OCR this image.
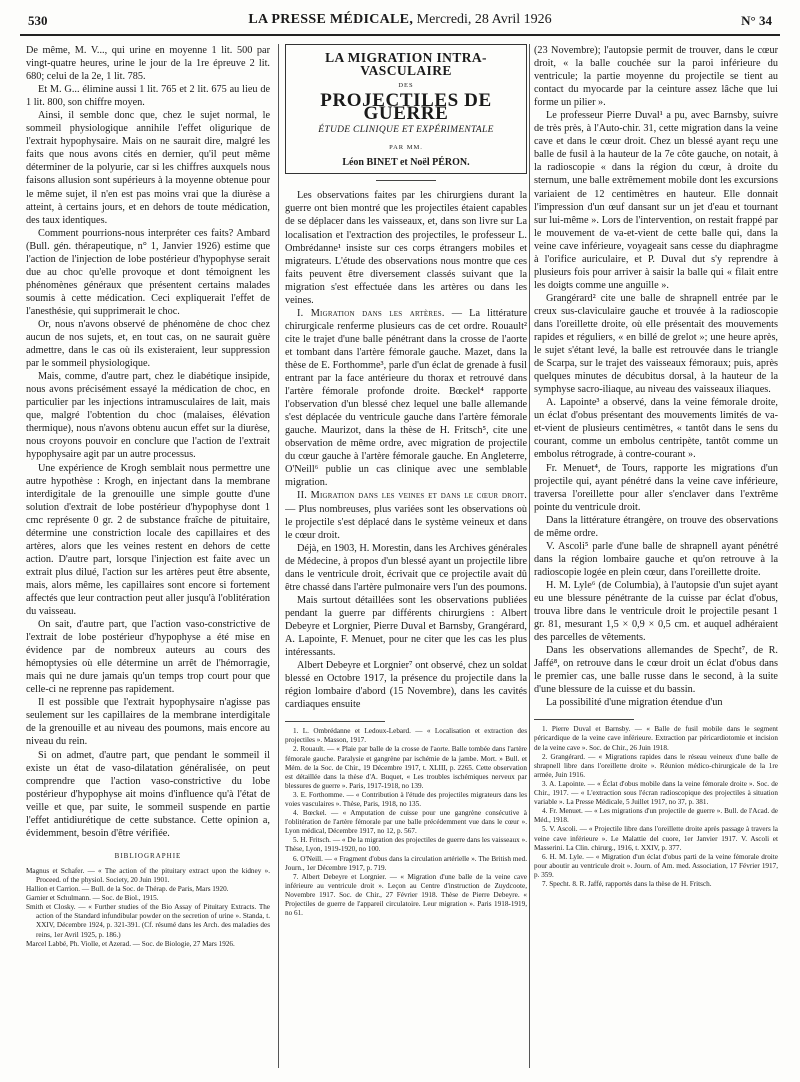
530	LA PRESSE MÉDICALE, Mercredi, 28 Avril 1926	N° 34

De même, M. V..., qui urine en moyenne 1 lit. 500 par vingt-quatre heures, urine le jour de la 1re épreuve 2 lit. 680; celui de la 2e, 1 lit. 785.

Et M. G... élimine aussi 1 lit. 765 et 2 lit. 675 au lieu de 1 lit. 800, son chiffre moyen.

Ainsi, il semble donc que, chez le sujet normal, le sommeil physiologique annihile l'effet oligurique de l'extrait hypophysaire. Mais on ne saurait dire, malgré les faits que nous avons cités en dernier, qu'il peut même déterminer de la polyurie, car si les chiffres auxquels nous faisons allusion sont supérieurs à la moyenne obtenue pour le même sujet, il n'en est pas moins vrai que la diurèse a atteint, à certains jours, et en dehors de toute médication, des taux identiques.

Comment pourrions-nous interpréter ces faits? Ambard (Bull. gén. thérapeutique, n° 1, Janvier 1926) estime que l'action de l'injection de lobe postérieur d'hypophyse serait due au choc qu'elle provoque et dont témoignent les phénomènes généraux que présentent certains malades soumis à cette médication. Ceci expliquerait l'effet de l'anesthésie, qui supprimerait le choc.

Or, nous n'avons observé de phénomène de choc chez aucun de nos sujets, et, en tout cas, on ne saurait guère admettre, dans le cas où ils existeraient, leur suppression par le sommeil physiologique.

Mais, comme, d'autre part, chez le diabétique insipide, nous avons précisément essayé la médication de choc, en particulier par les injections intramusculaires de lait, mais que, malgré l'obtention du choc (malaises, élévation thermique), nous n'avons obtenu aucun effet sur la diurèse, nous croyons pouvoir en conclure que l'action de l'extrait hypophysaire agit par un autre processus.

Une expérience de Krogh semblait nous permettre une autre hypothèse : Krogh, en injectant dans la membrane interdigitale de la grenouille une simple goutte d'une solution d'extrait de lobe postérieur d'hypophyse dont 1 cmc représente 0 gr. 2 de substance fraîche de pituitaire, détermine une constriction locale des capillaires et des artères, alors que les veines restent en dehors de cette action. D'autre part, lorsque l'injection est faite avec un extrait plus dilué, l'action sur les artères peut être absente, mais, alors même, les capillaires sont encore si fortement affectés que leur contraction peut aller jusqu'à l'oblitération du vaisseau.

On sait, d'autre part, que l'action vaso-constrictive de l'extrait de lobe postérieur d'hypophyse a été mise en évidence par de nombreux auteurs au cours des hémoptysies où elle détermine un arrêt de l'hémorragie, mais qui ne dure jamais qu'un temps trop court pour que celle-ci ne reprenne pas rapidement.

Il est possible que l'extrait hypophysaire n'agisse pas seulement sur les capillaires de la membrane interdigitale de la grenouille et au niveau des poumons, mais encore au niveau du rein.

Si on admet, d'autre part, que pendant le sommeil il existe un état de vaso-dilatation généralisée, on peut comprendre que l'action vaso-constrictive du lobe postérieur d'hypophyse ait moins d'influence qu'à l'état de veille et que, par suite, le sommeil suspende en partie l'effet antidiurétique de cette substance. Cette opinion a, évidemment, besoin d'être vérifiée.

BIBLIOGRAPHIE

Magnus et Schafer. — « The action of the pituitary extract upon the kidney ». Proceed. of the physiol. Society, 20 Juin 1901.

Hallion et Carrion. — Bull. de la Soc. de Thérap. de Paris, Mars 1920.

Garnier et Schulmann. — Soc. de Biol., 1915.

Smith et Closky. — « Further studies of the Bio Assay of Pituitary Extracts. The action of the Standard infundibular powder on the secretion of urine ». Standa, t. XXIV, Décembre 1924, p. 321-391. (Cf. résumé dans les Arch. des maladies des reins, 1er Avril 1925, p. 186.)

Marcel Labbé, Ph. Violle, et Azerad. — Soc. de Biologie, 27 Mars 1926.

LA MIGRATION INTRA-VASCULAIRE
DES
PROJECTILES DE GUERRE
ÉTUDE CLINIQUE ET EXPÉRIMENTALE
PAR MM.
Léon BINET et Noël PÉRON.

Les observations faites par les chirurgiens durant la guerre ont bien montré que les projectiles étaient capables de se déplacer dans les vaisseaux, et, dans son livre sur La localisation et l'extraction des projectiles, le professeur L. Ombrédanne¹ insiste sur ces corps étrangers mobiles et migrateurs. L'étude des observations nous montre que ces faits peuvent être diversement classés suivant que la migration s'est effectuée dans les artères ou dans les veines.

I. Migration dans les artères. — La littérature chirurgicale renferme plusieurs cas de cet ordre. Rouault² cite le trajet d'une balle pénétrant dans la crosse de l'aorte et tombant dans l'artère fémorale gauche. Mazet, dans la thèse de E. Forthomme³, parle d'un éclat de grenade à fusil entrant par la face antérieure du thorax et retrouvé dans l'artère fémorale profonde droite. Bœckel⁴ rapporte l'observation d'un blessé chez lequel une balle allemande s'est déplacée du ventricule gauche dans l'artère fémorale gauche. Maurizot, dans la thèse de H. Fritsch⁵, cite une observation de même ordre, avec migration de projectile du cœur gauche à l'artère fémorale gauche. En Angleterre, O'Neill⁶ publie un cas clinique avec une semblable migration.

II. Migration dans les veines et dans le cœur droit. — Plus nombreuses, plus variées sont les observations où le projectile s'est déplacé dans le système veineux et dans le cœur droit.

Déjà, en 1903, H. Morestin, dans les Archives générales de Médecine, à propos d'un blessé ayant un projectile libre dans le ventricule droit, écrivait que ce projectile avait dû être chassé dans l'artère pulmonaire vers l'un des poumons.

Mais surtout détaillées sont les observations publiées pendant la guerre par différents chirurgiens : Albert Debeyre et Lorgnier, Pierre Duval et Barnsby, Grangérard, A. Lapointe, F. Menuet, pour ne citer que les cas les plus intéressants.

Albert Debeyre et Lorgnier⁷ ont observé, chez un soldat blessé en Octobre 1917, la présence du projectile dans la région lombaire d'abord (15 Novembre), dans les cavités cardiaques ensuite

1. L. Ombrédanne et Ledoux-Lebard. — « Localisation et extraction des projectiles ». Masson, 1917.

2. Rouault. — « Plaie par balle de la crosse de l'aorte. Balle tombée dans l'artère fémorale gauche. Paralysie et gangrène par ischémie de la jambe. Mort. » Bull. et Mém. de la Soc. de Chir., 19 Décembre 1917, t. XLIII, p. 2265. Cette observation est détaillée dans la thèse d'A. Buquet, « Les troubles ischémiques nerveux par blessures de guerre ». Paris, 1917-1918, no 139.

3. E. Forthomme. — « Contribution à l'étude des projectiles migrateurs dans les voies vasculaires ». Thèse, Paris, 1918, no 135.

4. Bœckel. — « Amputation de cuisse pour une gangrène consécutive à l'oblitération de l'artère fémorale par une balle précédemment vue dans le cœur ». Lyon médical, Décembre 1917, no 12, p. 567.

5. H. Fritsch. — « De la migration des projectiles de guerre dans les vaisseaux ». Thèse, Lyon, 1919-1920, no 100.

6. O'Neill. — « Fragment d'obus dans la circulation artérielle ». The British med. Journ., 1er Décembre 1917, p. 719.

7. Albert Debeyre et Lorgnier. — « Migration d'une balle de la veine cave inférieure au ventricule droit ». Leçon au Centre d'instruction de Zuydcoote, Novembre 1917. Soc. de Chir., 27 Février 1918. Thèse de Pierre Debeyre. « Projectiles de guerre de l'appareil circulatoire. Leur migration ». Paris 1918-1919, no 61.

(23 Novembre); l'autopsie permit de trouver, dans le cœur droit, « la balle couchée sur la paroi inférieure du ventricule; la partie moyenne du projectile se tient au contact du myocarde par la ceinture assez lâche que lui forme un pilier ».

Le professeur Pierre Duval¹ a pu, avec Barnsby, suivre de très près, à l'Auto-chir. 31, cette migration dans la veine cave et dans le cœur droit. Chez un blessé ayant reçu une balle de fusil à la hauteur de la 7e côte gauche, on notait, à la radioscopie « dans la région du cœur, à droite du sternum, une balle extrêmement mobile dont les excursions variaient de 12 centimètres en hauteur. Elle donnait l'impression d'un œuf dansant sur un jet d'eau et tournant sur lui-même ». Lors de l'intervention, on restait frappé par le mouvement de va-et-vient de cette balle qui, dans la veine cave inférieure, voyageait sans cesse du diaphragme à l'orifice auriculaire, et P. Duval dut s'y reprendre à plusieurs fois pour arriver à saisir la balle qui « filait entre les doigts comme une anguille ».

Grangérard² cite une balle de shrapnell entrée par le creux sus-claviculaire gauche et trouvée à la radioscopie dans l'oreillette droite, où elle présentait des mouvements rapides et réguliers, « en billé de grelot »; une heure après, le sujet s'étant levé, la balle est retrouvée dans le triangle de Scarpa, sur le trajet des vaisseaux fémoraux; puis, après quelques minutes de décubitus dorsal, à la hauteur de la symphyse sacro-iliaque, au niveau des vaisseaux iliaques.

A. Lapointe³ a observé, dans la veine fémorale droite, un éclat d'obus présentant des mouvements limités de va-et-vient de plusieurs centimètres, « tantôt dans le sens du courant, comme un embolus centripète, tantôt comme un embolus rétrograde, à contre-courant ».

Fr. Menuet⁴, de Tours, rapporte les migrations d'un projectile qui, ayant pénétré dans la veine cave inférieure, traversa l'oreillette pour aller s'enclaver dans l'extrême pointe du ventricule droit.

Dans la littérature étrangère, on trouve des observations de même ordre.

V. Ascoli⁵ parle d'une balle de shrapnell ayant pénétré dans la région lombaire gauche et qu'on retrouve à la radioscopie logée en plein cœur, dans l'oreillette droite.

H. M. Lyle⁶ (de Columbia), à l'autopsie d'un sujet ayant eu une blessure pénétrante de la cuisse par éclat d'obus, trouva libre dans le ventricule droit le projectile pesant 1 gr. 81, mesurant 1,5 × 0,9 × 0,5 cm. et auquel adhéraient des parcelles de vêtements.

Dans les observations allemandes de Specht⁷, de R. Jaffé⁸, on retrouve dans le cœur droit un éclat d'obus dans le premier cas, une balle russe dans le second, à la suite d'une blessure de la cuisse et du bassin.

La possibilité d'une migration étendue d'un

1. Pierre Duval et Barnsby. — « Balle de fusil mobile dans le segment péricardique de la veine cave inférieure. Extraction par péricardiotomie et incision de la veine cave ». Soc. de Chir., 26 Juin 1918.

2. Grangérard. — « Migrations rapides dans le réseau veineux d'une balle de shrapnell libre dans l'oreillette droite ». Réunion médico-chirurgicale de la 1re armée, Juin 1916.

3. A. Lapointe. — « Éclat d'obus mobile dans la veine fémorale droite ». Soc. de Chir., 1917. — « L'extraction sous l'écran radioscopique des projectiles à situation variable ». La Presse Médicale, 5 Juillet 1917, no 37, p. 381.

4. Fr. Menuet. — « Les migrations d'un projectile de guerre ». Bull. de l'Acad. de Méd., 1918.

5. V. Ascoli. — « Projectile libre dans l'oreillette droite après passage à travers la veine cave inférieure ». Le Malattie del cuore, 1er Janvier 1917. V. Ascoli et Masserini. La Clin. chirurg., 1916, t. XXIV, p. 377.

6. H. M. Lyle. — « Migration d'un éclat d'obus parti de la veine fémorale droite pour aboutir au ventricule droit ». Journ. of Am. med. Association, 17 Février 1917, p. 359.

7. Specht. 8. R. Jaffé, rapportés dans la thèse de H. Fritsch.
